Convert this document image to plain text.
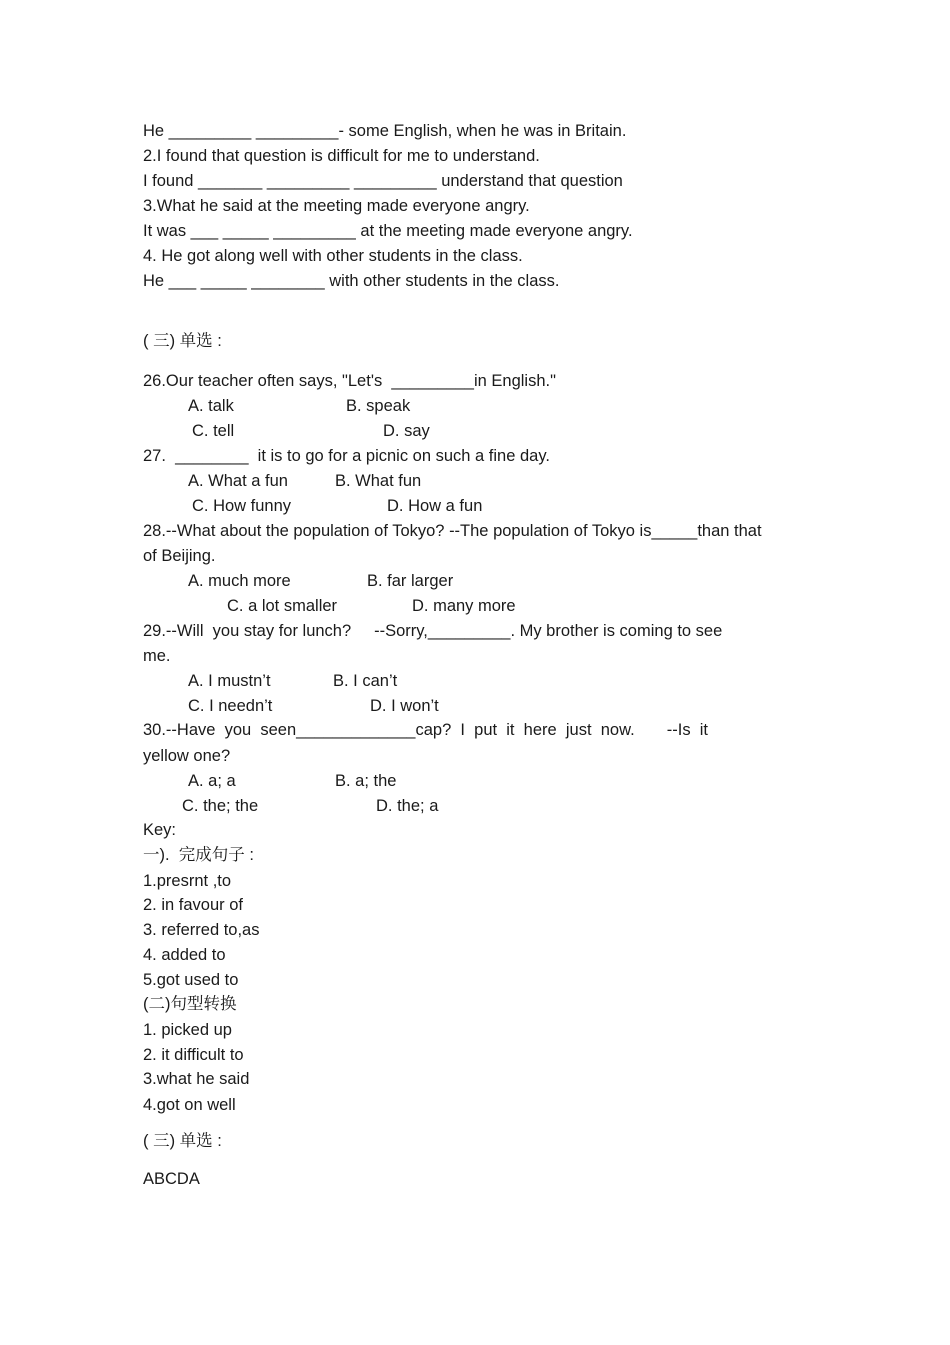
He _________ _________- some English, when he was in Britain.
2.I found that question is difficult for me to understand.
I found _______ _________ _________ understand that question
3.What he said at the meeting made everyone angry.
It was ___ _____ _________ at the meeting made everyone angry.
4. He got along well with other students in the class.
He ___ _____ ________ with other students in the class.
( 三) 单选 :
26.Our teacher often says, "Let's  _________in English."
A. talk	B. speak
C. tell	D. say
27.  ________  it is to go for a picnic on such a fine day.
A. What a fun	B. What fun
C. How funny	D. How a fun
28.--What about the population of Tokyo? --The population of Tokyo is_____than that
of Beijing.
A. much more	B. far larger
C. a lot smaller	D. many more
29.--Will  you stay for lunch?     --Sorry,_________. My brother is coming to see
me.
A. I mustn’t	B. I can’t
C. I needn’t	D. I won’t
30.--Have  you  seen_____________cap?  I  put  it  here  just  now.       --Is  it
yellow one?
A. a; a	B. a; the
C. the; the	D. the; a
Key:
一).  完成句子 :
1.presrnt ,to
2. in favour of
3. referred to,as
4. added to
5.got used to
(二)句型转换
1. picked up
2. it difficult to
3.what he said
4.got on well
( 三) 单选 :
ABCDA
